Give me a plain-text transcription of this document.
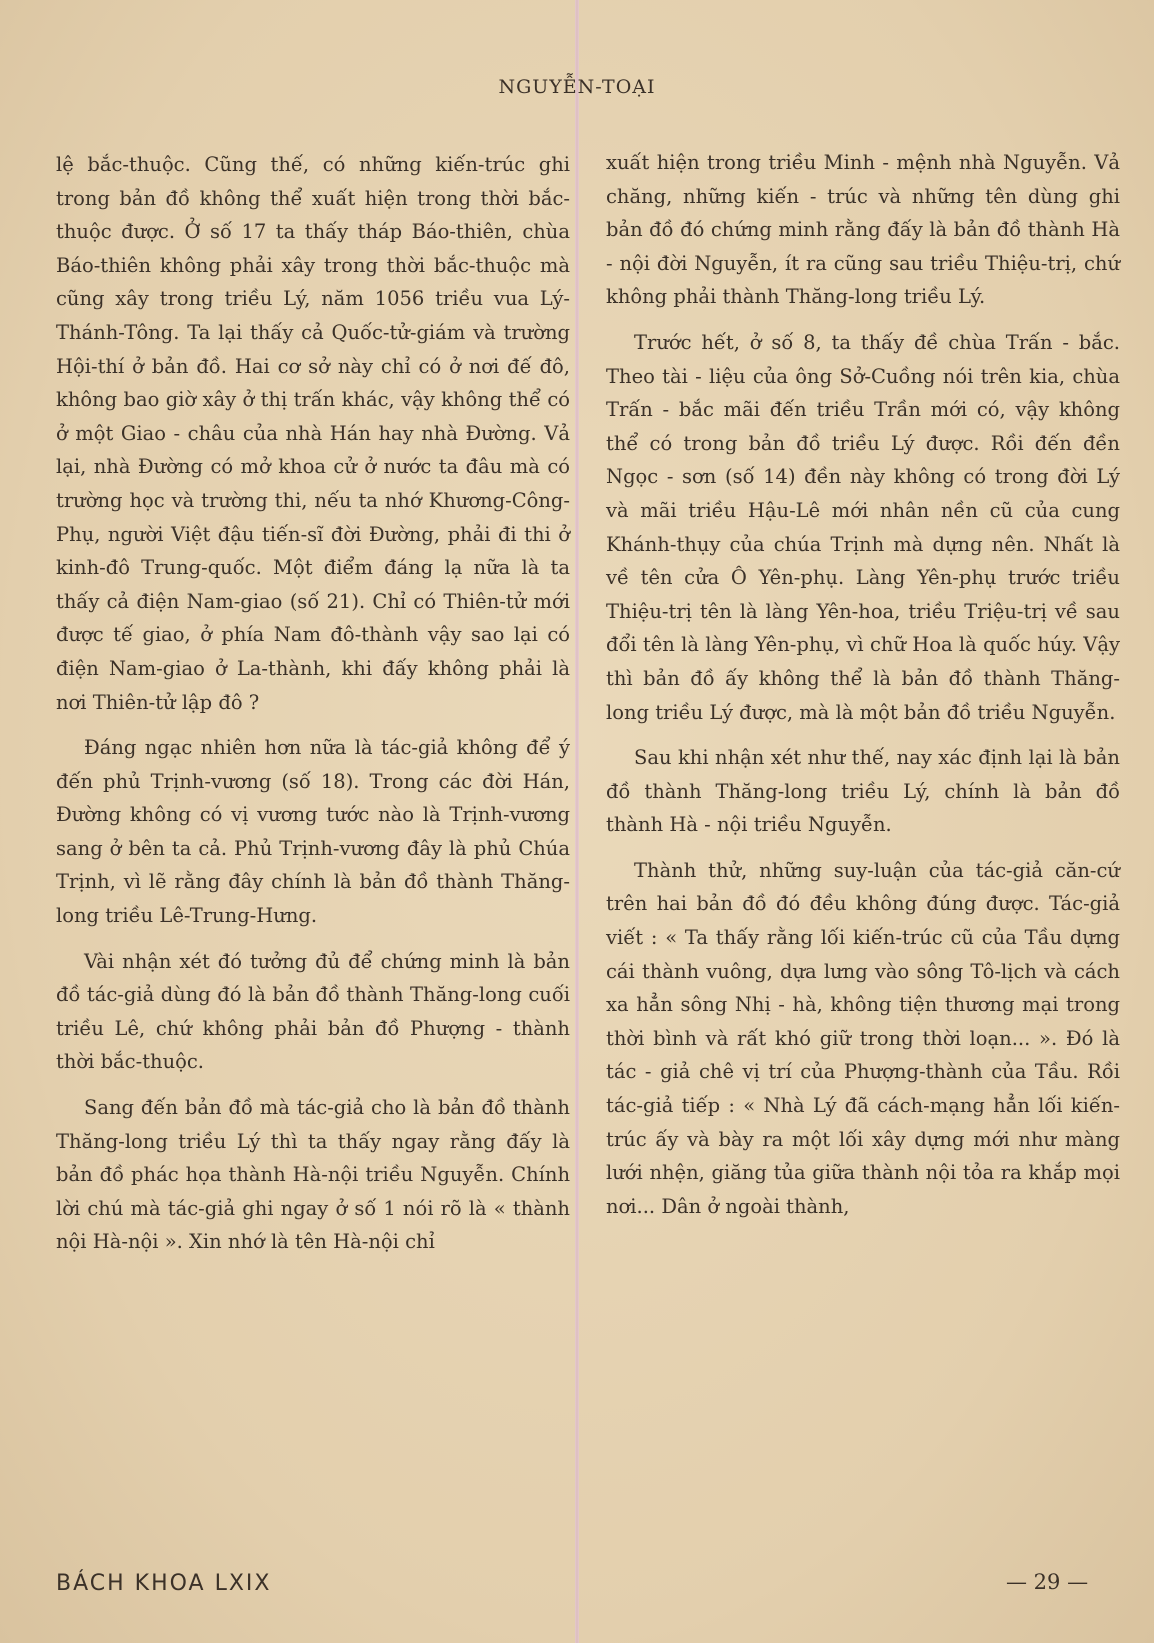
NGUYỄN-TOẠI

lệ bắc-thuộc. Cũng thế, có những kiến-trúc ghi trong bản đồ không thể xuất hiện trong thời bắc-thuộc được. Ở số 17 ta thấy tháp Báo-thiên, chùa Báo-thiên không phải xây trong thời bắc-thuộc mà cũng xây trong triều Lý, năm 1056 triều vua Lý-Thánh-Tông. Ta lại thấy cả Quốc-tử-giám và trường Hội-thí ở bản đồ. Hai cơ sở này chỉ có ở nơi đế đô, không bao giờ xây ở thị trấn khác, vậy không thể có ở một Giao - châu của nhà Hán hay nhà Đường. Vả lại, nhà Đường có mở khoa cử ở nước ta đâu mà có trường học và trường thi, nếu ta nhớ Khương-Công-Phụ, người Việt đậu tiến-sĩ đời Đường, phải đi thi ở kinh-đô Trung-quốc. Một điểm đáng lạ nữa là ta thấy cả điện Nam-giao (số 21). Chỉ có Thiên-tử mới được tế giao, ở phía Nam đô-thành vậy sao lại có điện Nam-giao ở La-thành, khi đấy không phải là nơi Thiên-tử lập đô ?

Đáng ngạc nhiên hơn nữa là tác-giả không để ý đến phủ Trịnh-vương (số 18). Trong các đời Hán, Đường không có vị vương tước nào là Trịnh-vương sang ở bên ta cả. Phủ Trịnh-vương đây là phủ Chúa Trịnh, vì lẽ rằng đây chính là bản đồ thành Thăng-long triều Lê-Trung-Hưng.

Vài nhận xét đó tưởng đủ để chứng minh là bản đồ tác-giả dùng đó là bản đồ thành Thăng-long cuối triều Lê, chứ không phải bản đồ Phượng - thành thời bắc-thuộc.

Sang đến bản đồ mà tác-giả cho là bản đồ thành Thăng-long triều Lý thì ta thấy ngay rằng đấy là bản đồ phác họa thành Hà-nội triều Nguyễn. Chính lời chú mà tác-giả ghi ngay ở số 1 nói rõ là « thành nội Hà-nội ». Xin nhớ là tên Hà-nội chỉ

xuất hiện trong triều Minh - mệnh nhà Nguyễn. Vả chăng, những kiến - trúc và những tên dùng ghi bản đồ đó chứng minh rằng đấy là bản đồ thành Hà - nội đời Nguyễn, ít ra cũng sau triều Thiệu-trị, chứ không phải thành Thăng-long triều Lý.

Trước hết, ở số 8, ta thấy đề chùa Trấn - bắc. Theo tài - liệu của ông Sở-Cuồng nói trên kia, chùa Trấn - bắc mãi đến triều Trần mới có, vậy không thể có trong bản đồ triều Lý được. Rồi đến đền Ngọc - sơn (số 14) đền này không có trong đời Lý và mãi triều Hậu-Lê mới nhân nền cũ của cung Khánh-thụy của chúa Trịnh mà dựng nên. Nhất là về tên cửa Ô Yên-phụ. Làng Yên-phụ trước triều Thiệu-trị tên là làng Yên-hoa, triều Triệu-trị về sau đổi tên là làng Yên-phụ, vì chữ Hoa là quốc húy. Vậy thì bản đồ ấy không thể là bản đồ thành Thăng-long triều Lý được, mà là một bản đồ triều Nguyễn.

Sau khi nhận xét như thế, nay xác định lại là bản đồ thành Thăng-long triều Lý, chính là bản đồ thành Hà - nội triều Nguyễn.

Thành thử, những suy-luận của tác-giả căn-cứ trên hai bản đồ đó đều không đúng được. Tác-giả viết : « Ta thấy rằng lối kiến-trúc cũ của Tầu dựng cái thành vuông, dựa lưng vào sông Tô-lịch và cách xa hẳn sông Nhị - hà, không tiện thương mại trong thời bình và rất khó giữ trong thời loạn... ». Đó là tác - giả chê vị trí của Phượng-thành của Tầu. Rồi tác-giả tiếp : « Nhà Lý đã cách-mạng hẳn lối kiến-trúc ấy và bày ra một lối xây dựng mới như màng lưới nhện, giăng tủa giữa thành nội tỏa ra khắp mọi nơi... Dân ở ngoài thành,

BÁCH KHOA LXIX	— 29 —
